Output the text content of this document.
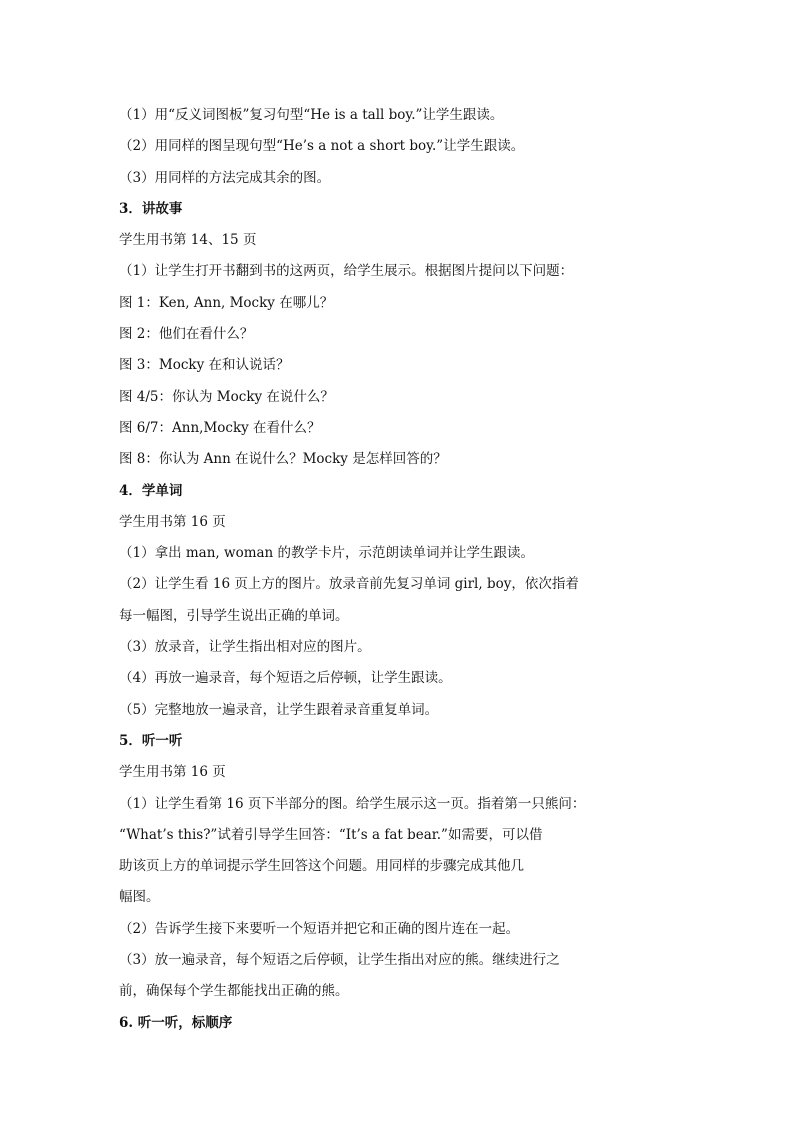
（1）用“反义词图板”复习句型“He is a tall boy.”让学生跟读。
（2）用同样的图呈现句型“He’s a not a short boy.”让学生跟读。
（3）用同样的方法完成其余的图。
3．讲故事
学生用书第 14、15 页
（1）让学生打开书翻到书的这两页，给学生展示。根据图片提问以下问题：
图 1：Ken, Ann, Mocky 在哪儿？
图 2：他们在看什么？
图 3：Mocky 在和认说话？
图 4/5：你认为 Mocky 在说什么？
图 6/7：Ann,Mocky 在看什么？
图 8：你认为 Ann 在说什么？Mocky 是怎样回答的？
4．学单词
学生用书第 16 页
（1）拿出 man, woman 的教学卡片，示范朗读单词并让学生跟读。
（2）让学生看 16 页上方的图片。放录音前先复习单词 girl, boy，依次指着
每一幅图，引导学生说出正确的单词。
（3）放录音，让学生指出相对应的图片。
（4）再放一遍录音，每个短语之后停顿，让学生跟读。
（5）完整地放一遍录音，让学生跟着录音重复单词。
5．听一听
学生用书第 16 页
（1）让学生看第 16 页下半部分的图。给学生展示这一页。指着第一只熊问：
“What’s this?”试着引导学生回答：“It’s a fat bear.”如需要，可以借
助该页上方的单词提示学生回答这个问题。用同样的步骤完成其他几
幅图。
（2）告诉学生接下来要听一个短语并把它和正确的图片连在一起。
（3）放一遍录音，每个短语之后停顿，让学生指出对应的熊。继续进行之
前，确保每个学生都能找出正确的熊。
6. 听一听，标顺序
